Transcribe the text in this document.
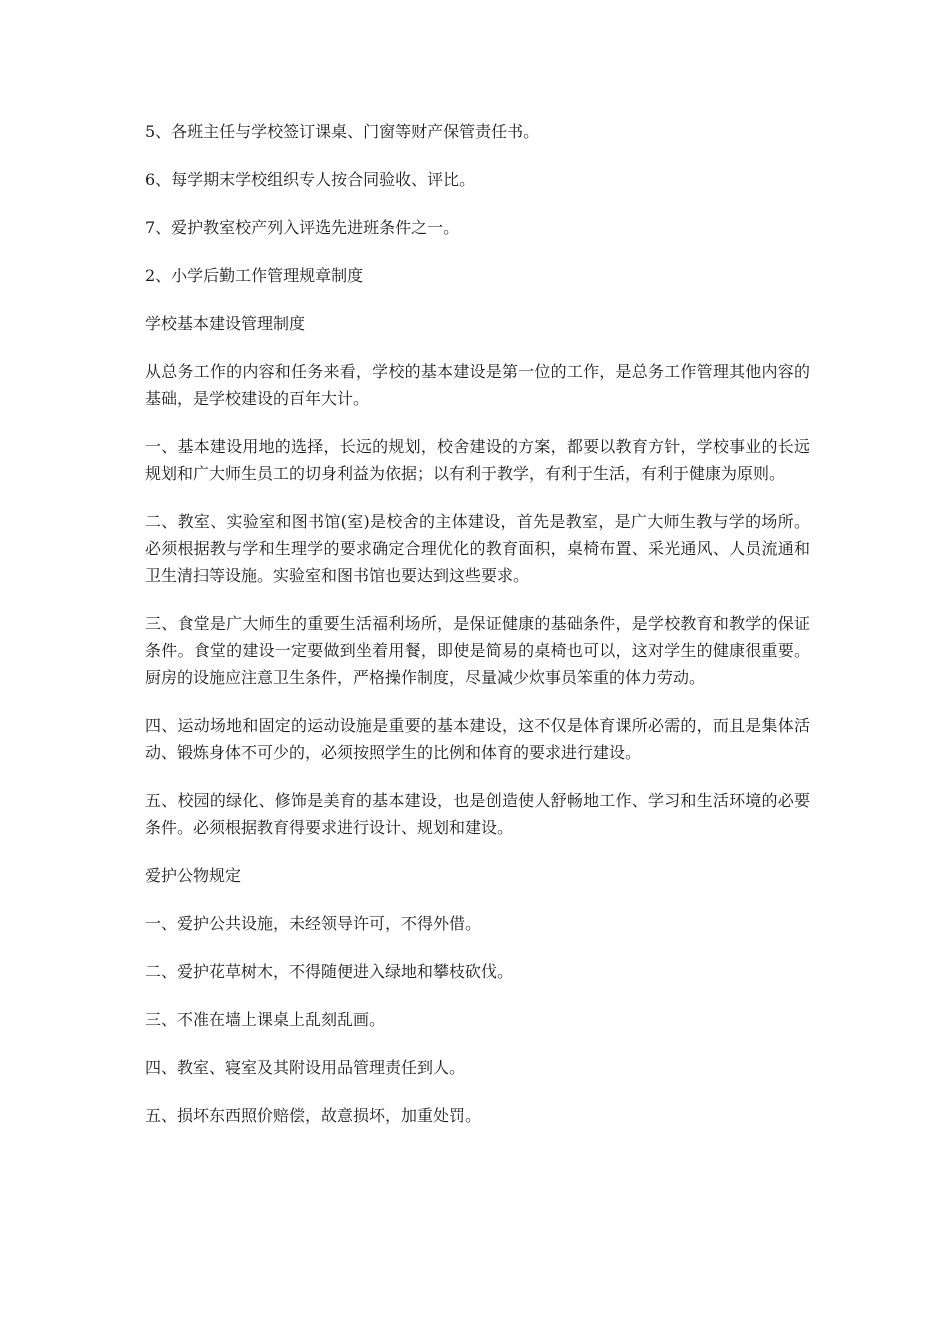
5、各班主任与学校签订课桌、门窗等财产保管责任书。

6、每学期末学校组织专人按合同验收、评比。

7、爱护教室校产列入评选先进班条件之一。

2、小学后勤工作管理规章制度

学校基本建设管理制度

从总务工作的内容和任务来看，学校的基本建设是第一位的工作，是总务工作管理其他内容的基础，是学校建设的百年大计。

一、基本建设用地的选择，长远的规划，校舍建设的方案，都要以教育方针，学校事业的长远规划和广大师生员工的切身利益为依据；以有利于教学，有利于生活，有利于健康为原则。

二、教室、实验室和图书馆(室)是校舍的主体建设，首先是教室，是广大师生教与学的场所。必须根据教与学和生理学的要求确定合理优化的教育面积，桌椅布置、采光通风、人员流通和卫生清扫等设施。实验室和图书馆也要达到这些要求。

三、食堂是广大师生的重要生活福利场所，是保证健康的基础条件，是学校教育和教学的保证条件。食堂的建设一定要做到坐着用餐，即使是简易的桌椅也可以，这对学生的健康很重要。厨房的设施应注意卫生条件，严格操作制度，尽量减少炊事员笨重的体力劳动。

四、运动场地和固定的运动设施是重要的基本建设，这不仅是体育课所必需的，而且是集体活动、锻炼身体不可少的，必须按照学生的比例和体育的要求进行建设。

五、校园的绿化、修饰是美育的基本建设，也是创造使人舒畅地工作、学习和生活环境的必要条件。必须根据教育得要求进行设计、规划和建设。

爱护公物规定

一、爱护公共设施，未经领导许可，不得外借。

二、爱护花草树木，不得随便进入绿地和攀枝砍伐。

三、不准在墙上课桌上乱刻乱画。

四、教室、寝室及其附设用品管理责任到人。

五、损坏东西照价赔偿，故意损坏，加重处罚。
